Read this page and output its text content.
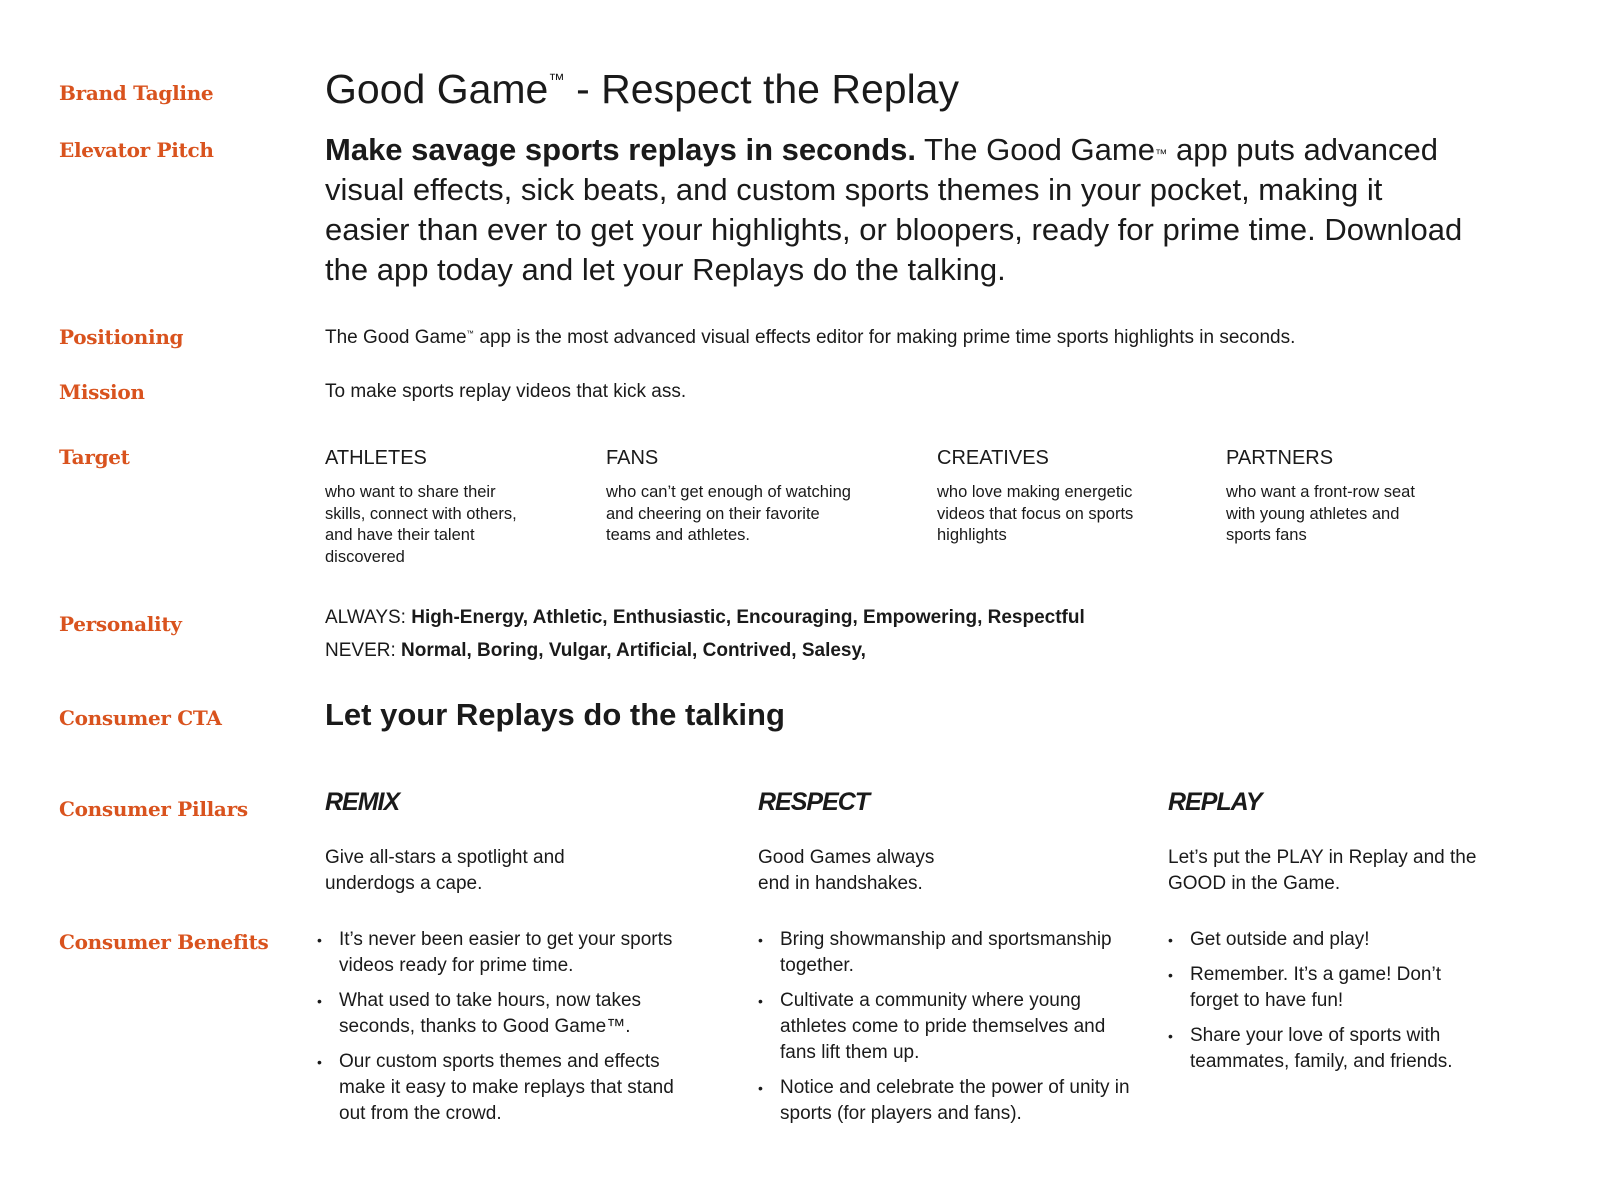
Brand Tagline
Elevator Pitch
Positioning
Mission
Target
Personality
Consumer CTA
Consumer Pillars
Consumer Benefits
Good Game™ - Respect the Replay
Make savage sports replays in seconds. The Good Game™ app puts advanced visual effects, sick beats, and custom sports themes in your pocket, making it easier than ever to get your highlights, or bloopers, ready for prime time. Download the app today and let your Replays do the talking.
The Good Game™ app is the most advanced visual effects editor for making prime time sports highlights in seconds.
To make sports replay videos that kick ass.
ATHLETES

who want to share their skills, connect with others, and have their talent discovered

FANS

who can’t get enough of watching and cheering on their favorite teams and athletes.

CREATIVES

who love making energetic videos that focus on sports highlights

PARTNERS

who want a front-row seat with young athletes and sports fans

ALWAYS: High-Energy, Athletic, Enthusiastic, Encouraging, Empowering, Respectful
NEVER: Normal, Boring, Vulgar, Artificial, Contrived, Salesy,
Let your Replays do the talking
REMIX

Give all-stars a spotlight and underdogs a cape.

• It’s never been easier to get your sports videos ready for prime time.
• What used to take hours, now takes seconds, thanks to Good Game™.
• Our custom sports themes and effects make it easy to make replays that stand out from the crowd.
RESPECT

Good Games always end in handshakes.

• Bring showmanship and sportsmanship together.
• Cultivate a community where young athletes come to pride themselves and fans lift them up.
• Notice and celebrate the power of unity in sports (for players and fans).
REPLAY

Let’s put the PLAY in Replay and the GOOD in the Game.

• Get outside and play!
• Remember. It’s a game! Don’t forget to have fun!
• Share your love of sports with teammates, family, and friends.
